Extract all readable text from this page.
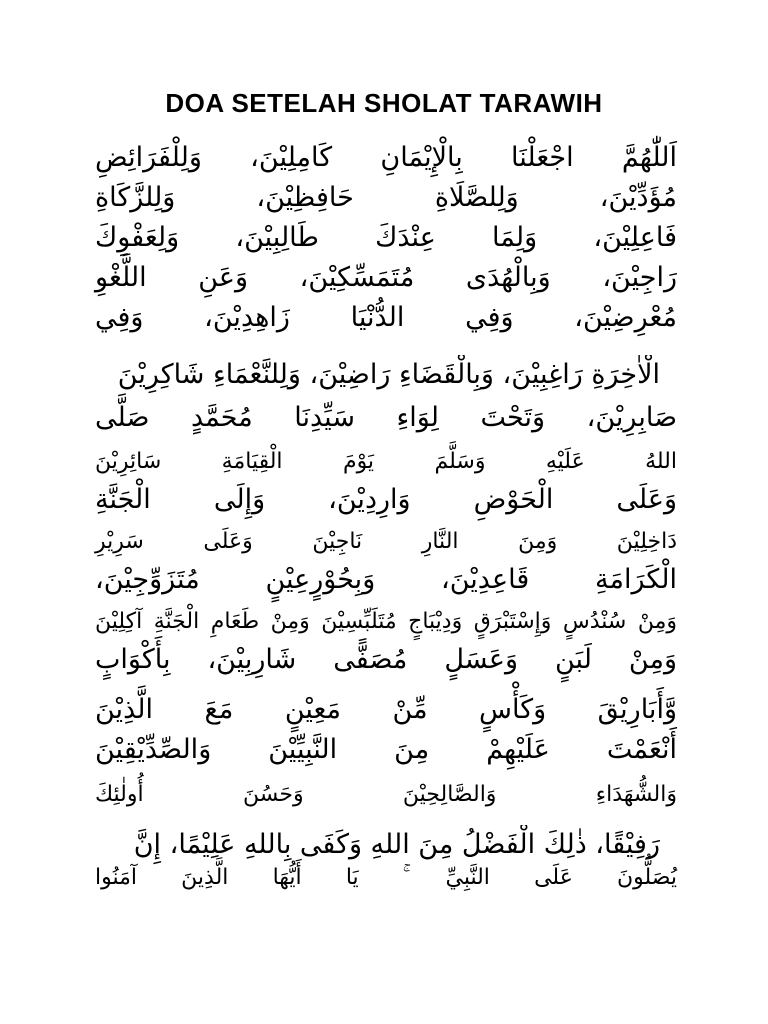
DOA SETELAH SHOLAT TARAWIH
اَللّٰهُمَّ اجْعَلْنَا بِالْإِيْمَانِ كَامِلِيْنَ، وَلِلْفَرَائِضِ
مُؤَدِّيْنَ، وَلِلصَّلَاةِ حَافِظِيْنَ، وَلِلزَّكَاةِ
فَاعِلِيْنَ، وَلِمَا عِنْدَكَ طَالِبِيْنَ، وَلِعَفْوِكَ
رَاجِيْنَ، وَبِالْهُدَى مُتَمَسِّكِيْنَ، وَعَنِ اللَّغْوِ
مُعْرِضِيْنَ، وَفِي الدُّنْيَا زَاهِدِيْنَ، وَفِي
الْاٰخِرَةِ رَاغِبِيْنَ، وَبِالْقَضَاءِ رَاضِيْنَ، وَلِلنَّعْمَاءِ شَاكِرِيْنَ
صَابِرِيْنَ، وَتَحْتَ لِوَاءِ سَيِّدِنَا مُحَمَّدٍ صَلَّى
اللهُ عَلَيْهِ وَسَلَّمَ يَوْمَ الْقِيَامَةِ سَائِرِيْنَ
وَعَلَى الْحَوْضِ وَارِدِيْنَ، وَإِلَى الْجَنَّةِ
دَاخِلِيْنَ وَمِنَ النَّارِ نَاجِيْنَ وَعَلَى سَرِيْرِ
الْكَرَامَةِ قَاعِدِيْنَ، وَبِحُوْرٍعِيْنٍ مُتَزَوِّجِيْنَ،
وَمِنْ سُنْدُسٍ وَإِسْتَبْرَقٍ وَدِيْبَاجٍ مُتَلَبِّسِيْنَ وَمِنْ طَعَامِ الْجَنَّةِ آكِلِيْنَ
وَمِنْ لَبَنٍ وَعَسَلٍ مُصَفًّى شَارِبِيْنَ، بِأَكْوَابٍ
وَّأَبَارِيْقَ وَكَأْسٍ مِّنْ مَعِيْنٍ مَعَ الَّذِيْنَ
أَنْعَمْتَ عَلَيْهِمْ مِنَ النَّبِيِّيْنَ وَالصِّدِّيْقِيْنَ
وَالشُّهَدَاءِ وَالصَّالِحِيْنَ وَحَسُنَ أُولٰئِكَ
رَفِيْقًا، ذٰلِكَ الْفَضْلُ مِنَ اللهِ وَكَفَى بِاللهِ عَلِيْمًا، إِنَّ
يُصَلُّونَ عَلَى النَّبِيِّ ۚ يَا أَيُّهَا الَّذِينَ آمَنُوا
